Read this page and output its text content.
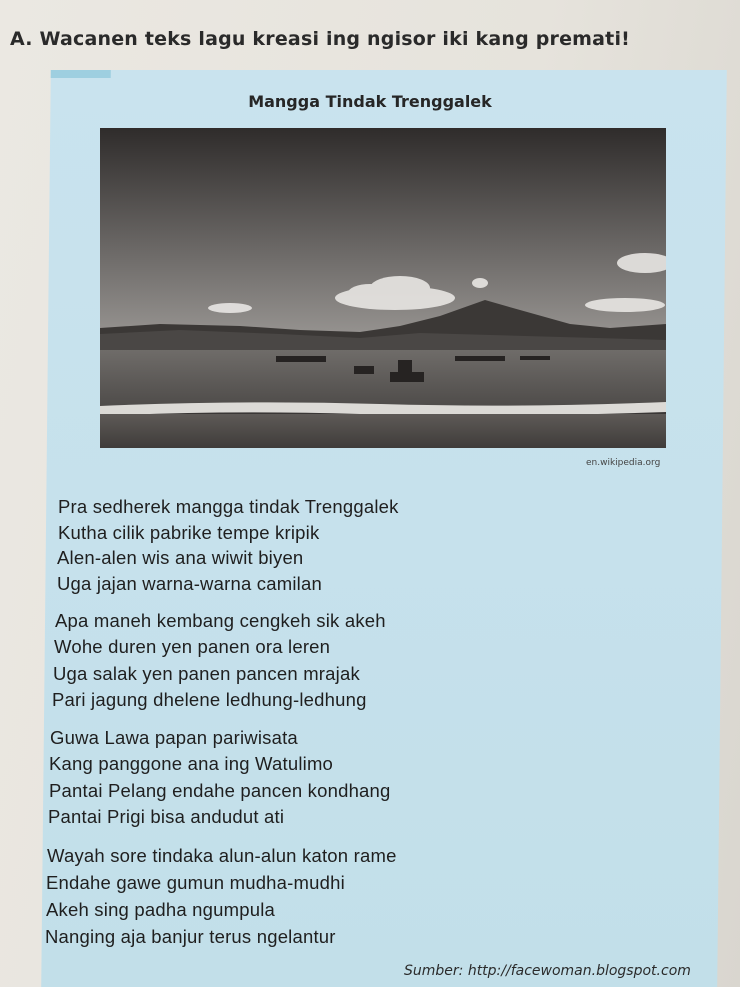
A. Wacanen teks lagu kreasi ing ngisor iki kang premati!
Mangga Tindak Trenggalek
en.wikipedia.org
Pra sedherek mangga tindak Trenggalek
Kutha cilik pabrike tempe kripik
Alen-alen wis ana wiwit biyen
Uga jajan warna-warna camilan
Apa maneh kembang cengkeh sik akeh
Wohe duren yen panen ora leren
Uga salak yen panen pancen mrajak
Pari jagung dhelene ledhung-ledhung
Guwa Lawa papan pariwisata
Kang panggone ana ing Watulimo
Pantai Pelang endahe pancen kondhang
Pantai Prigi bisa andudut ati
Wayah sore tindaka alun-alun katon rame
Endahe gawe gumun mudha-mudhi
Akeh sing padha ngumpula
Nanging aja banjur terus ngelantur
Sumber: http://facewoman.blogspot.com
